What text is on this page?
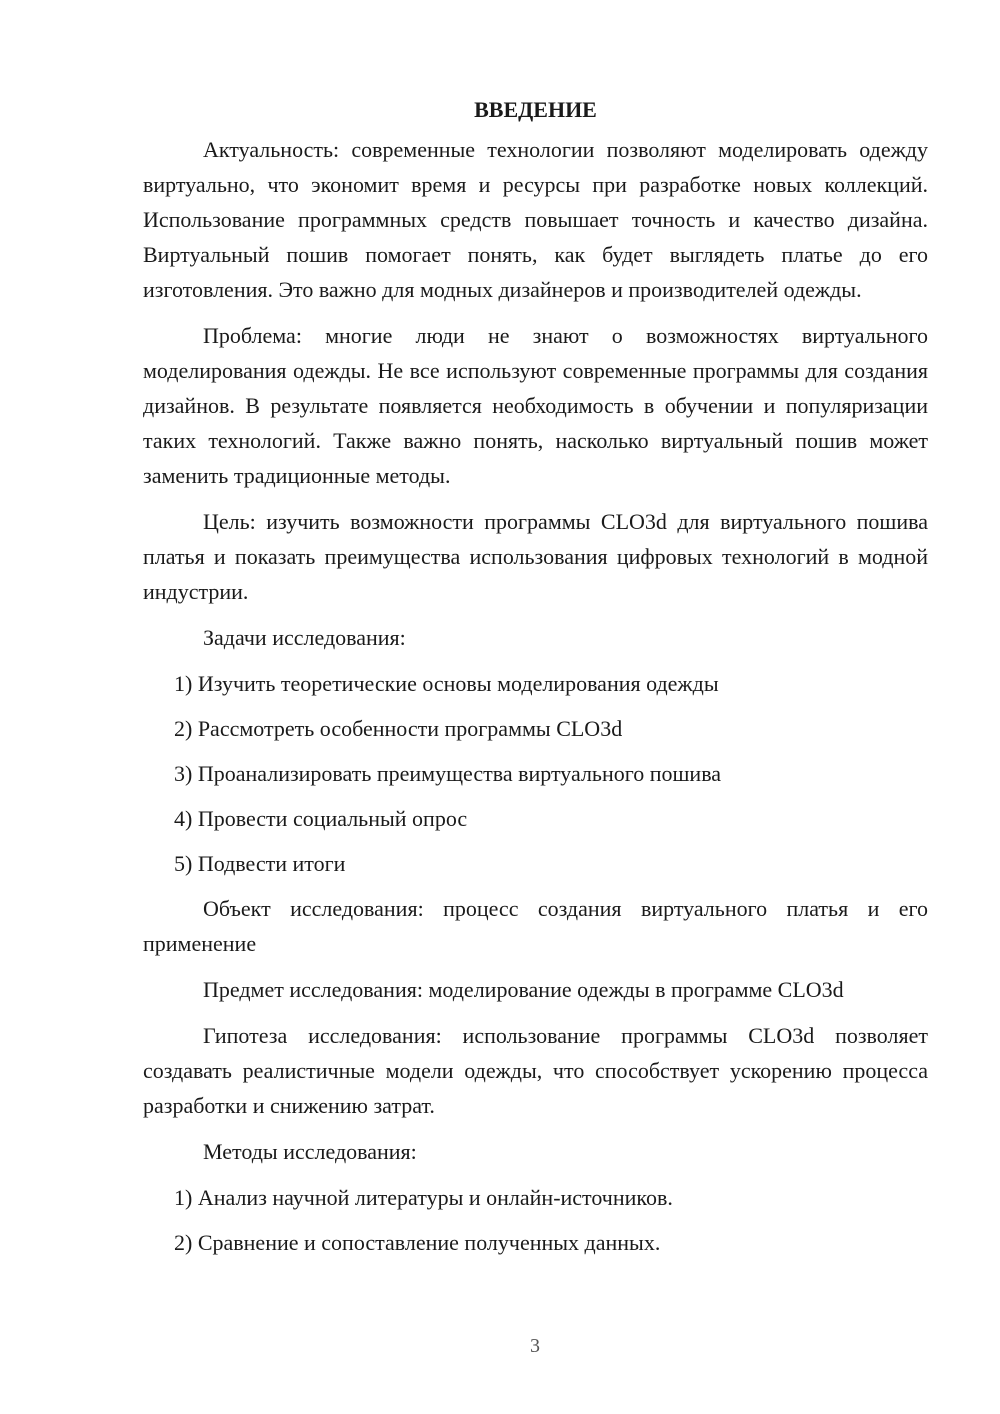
ВВЕДЕНИЕ

Актуальность: современные технологии позволяют моделировать одежду виртуально, что экономит время и ресурсы при разработке новых коллекций. Использование программных средств повышает точность и качество дизайна. Виртуальный пошив помогает понять, как будет выглядеть платье до его изготовления. Это важно для модных дизайнеров и производителей одежды.

Проблема: многие люди не знают о возможностях виртуального моделирования одежды. Не все используют современные программы для создания дизайнов. В результате появляется необходимость в обучении и популяризации таких технологий. Также важно понять, насколько виртуальный пошив может заменить традиционные методы.

Цель: изучить возможности программы CLO3d для виртуального пошива платья и показать преимущества использования цифровых технологий в модной индустрии.

Задачи исследования:

1) Изучить теоретические основы моделирования одежды
2) Рассмотреть особенности программы CLO3d
3) Проанализировать преимущества виртуального пошива
4) Провести социальный опрос
5) Подвести итоги

Объект исследования: процесс создания виртуального платья и его применение

Предмет исследования: моделирование одежды в программе CLO3d

Гипотеза исследования: использование программы CLO3d позволяет создавать реалистичные модели одежды, что способствует ускорению процесса разработки и снижению затрат.

Методы исследования:

1) Анализ научной литературы и онлайн-источников.
2) Сравнение и сопоставление полученных данных.
3
